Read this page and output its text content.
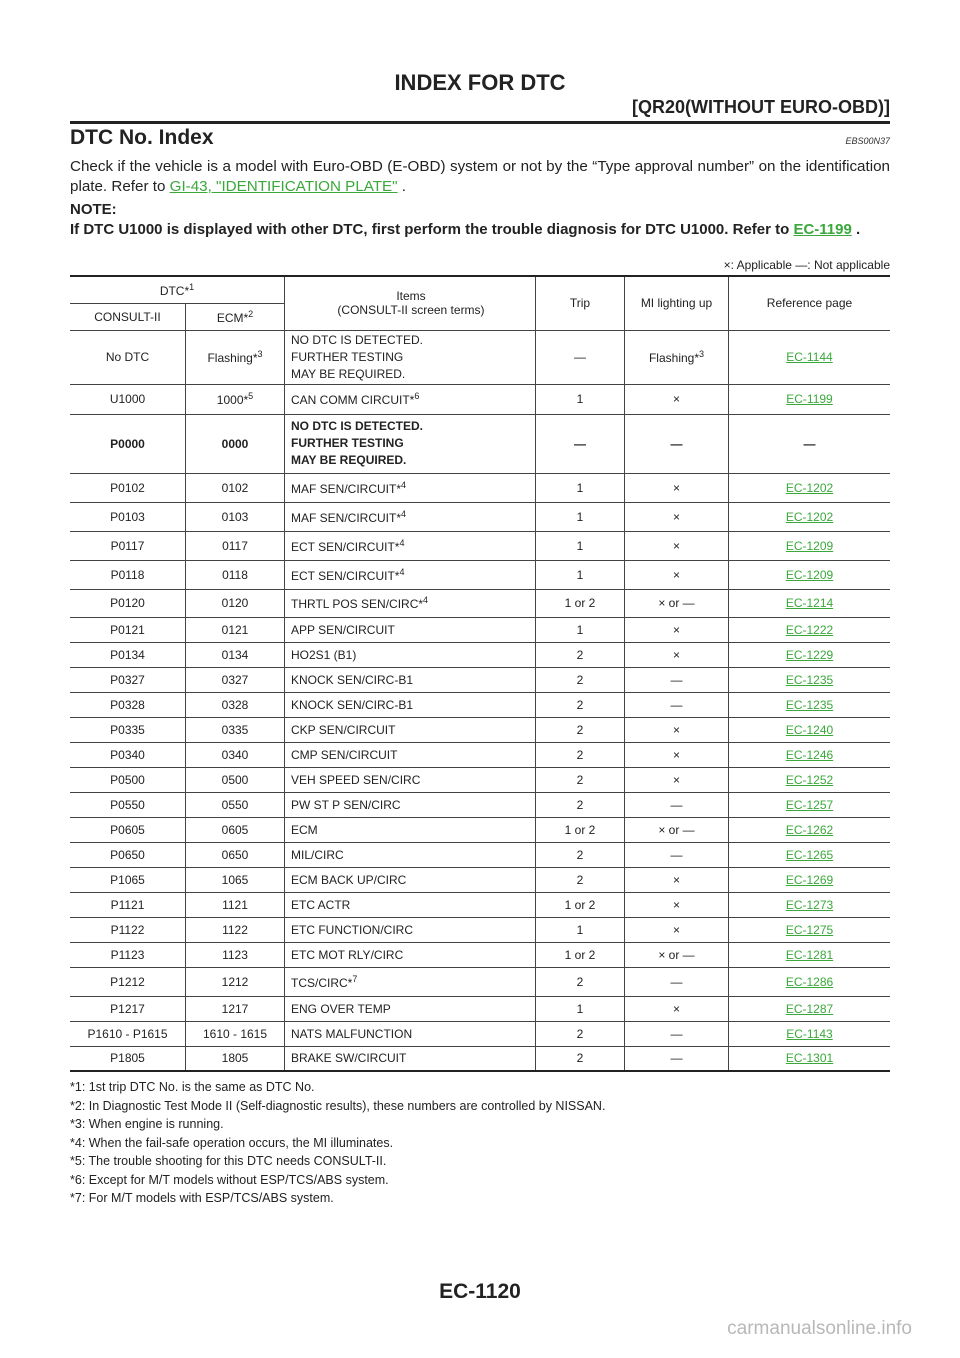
INDEX FOR DTC
[QR20(WITHOUT EURO-OBD)]
DTC No. Index	EBS00N37
Check if the vehicle is a model with Euro-OBD (E-OBD) system or not by the “Type approval number” on the identification plate. Refer to GI-43, "IDENTIFICATION PLATE" .
NOTE:
If DTC U1000 is displayed with other DTC, first perform the trouble diagnosis for DTC U1000. Refer to EC-1199 .
×: Applicable —: Not applicable
DTC*$^1$		Items
(CONSULT-II screen terms)	Trip	MI lighting up	Reference page
CONSULT-II	ECM*$^2$
No DTC	Flashing*$^3$	NO DTC IS DETECTED.
FURTHER TESTING
MAY BE REQUIRED.	—	Flashing*$^3$	EC-1144
U1000	1000*$^5$	CAN COMM CIRCUIT*$^6$	1	×	EC-1199
P0000	0000	NO DTC IS DETECTED.
FURTHER TESTING
MAY BE REQUIRED.	—	—	—
P0102	0102	MAF SEN/CIRCUIT*$^4$	1	×	EC-1202
P0103	0103	MAF SEN/CIRCUIT*$^4$	1	×	EC-1202
P0117	0117	ECT SEN/CIRCUIT*$^4$	1	×	EC-1209
P0118	0118	ECT SEN/CIRCUIT*$^4$	1	×	EC-1209
P0120	0120	THRTL POS SEN/CIRC*$^4$	1 or 2	× or —	EC-1214
P0121	0121	APP SEN/CIRCUIT	1	×	EC-1222
P0134	0134	HO2S1 (B1)	2	×	EC-1229
P0327	0327	KNOCK SEN/CIRC-B1	2	—	EC-1235
P0328	0328	KNOCK SEN/CIRC-B1	2	—	EC-1235
P0335	0335	CKP SEN/CIRCUIT	2	×	EC-1240
P0340	0340	CMP SEN/CIRCUIT	2	×	EC-1246
P0500	0500	VEH SPEED SEN/CIRC	2	×	EC-1252
P0550	0550	PW ST P SEN/CIRC	2	—	EC-1257
P0605	0605	ECM	1 or 2	× or —	EC-1262
P0650	0650	MIL/CIRC	2	—	EC-1265
P1065	1065	ECM BACK UP/CIRC	2	×	EC-1269
P1121	1121	ETC ACTR	1 or 2	×	EC-1273
P1122	1122	ETC FUNCTION/CIRC	1	×	EC-1275
P1123	1123	ETC MOT RLY/CIRC	1 or 2	× or —	EC-1281
P1212	1212	TCS/CIRC*$^7$	2	—	EC-1286
P1217	1217	ENG OVER TEMP	1	×	EC-1287
P1610 - P1615	1610 - 1615	NATS MALFUNCTION	2	—	EC-1143
P1805	1805	BRAKE SW/CIRCUIT	2	—	EC-1301
*1: 1st trip DTC No. is the same as DTC No.
*2: In Diagnostic Test Mode II (Self-diagnostic results), these numbers are controlled by NISSAN.
*3: When engine is running.
*4: When the fail-safe operation occurs, the MI illuminates.
*5: The trouble shooting for this DTC needs CONSULT-II.
*6: Except for M/T models without ESP/TCS/ABS system.
*7: For M/T models with ESP/TCS/ABS system.
EC-1120
carmanualsonline.info
